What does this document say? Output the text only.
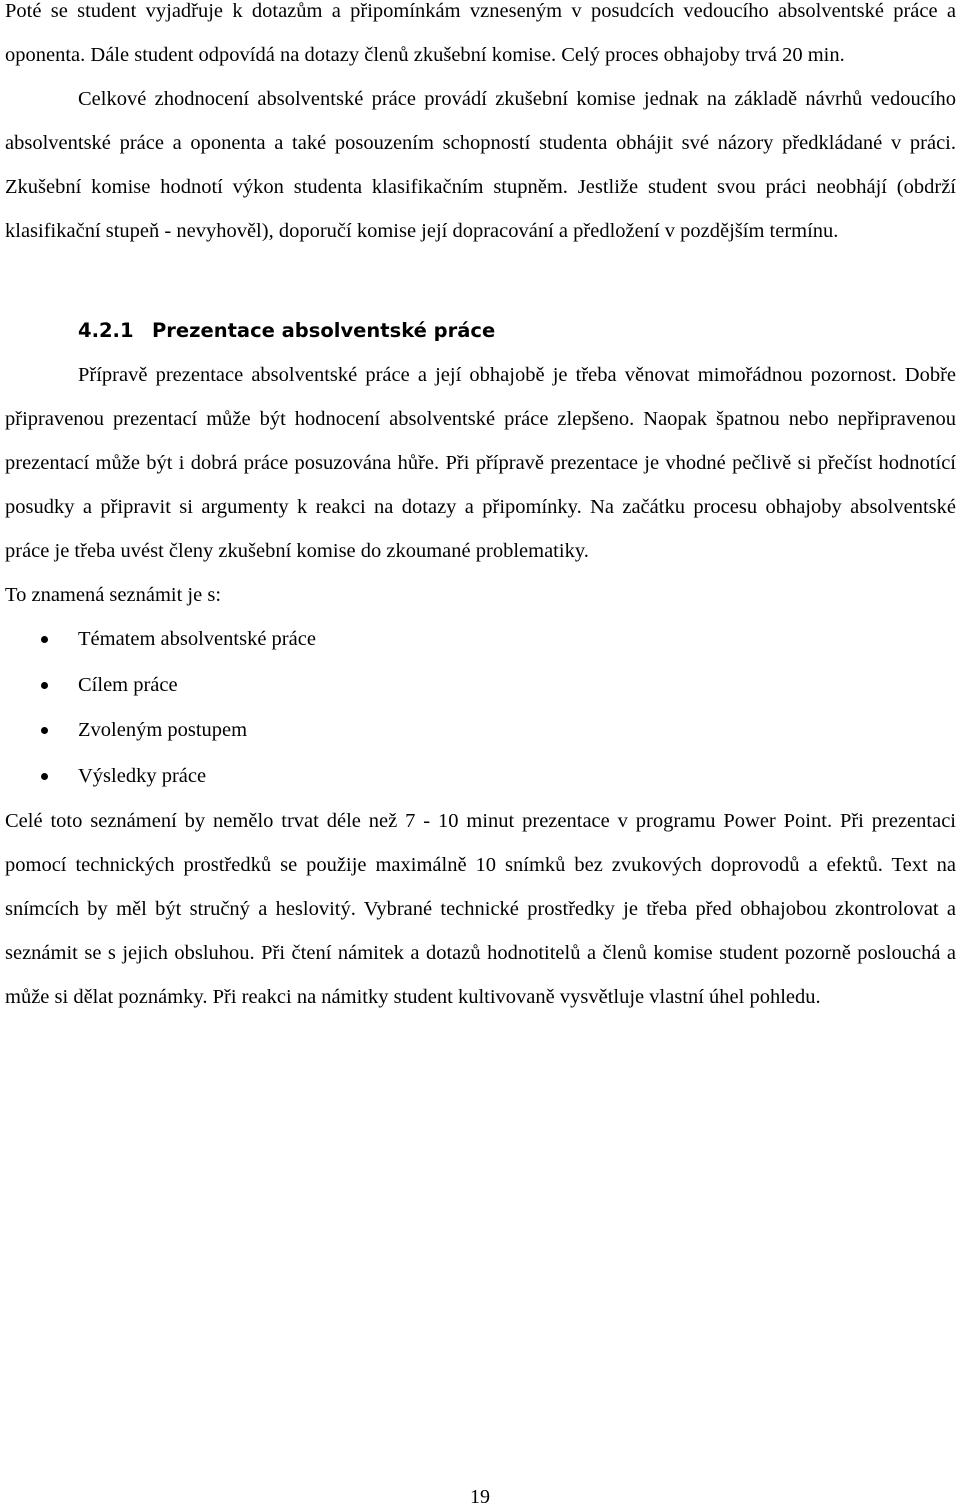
Poté se student vyjadřuje k dotazům a připomínkám vzneseným v posudcích vedoucího absolventské práce a oponenta. Dále student odpovídá na dotazy členů zkušební komise. Celý proces obhajoby trvá 20 min.

Celkové zhodnocení absolventské práce provádí zkušební komise jednak na základě návrhů vedoucího absolventské práce a oponenta a také posouzením schopností studenta obhájit své názory předkládané v práci. Zkušební komise hodnotí výkon studenta klasifikačním stupněm. Jestliže student svou práci neobhájí (obdrží klasifikační stupeň - nevyhověl), doporučí komise její dopracování a předložení v pozdějším termínu.

4.2.1 Prezentace absolventské práce

Přípravě prezentace absolventské práce a její obhajobě je třeba věnovat mimořádnou pozornost. Dobře připravenou prezentací může být hodnocení absolventské práce zlepšeno. Naopak špatnou nebo nepřipravenou prezentací může být i dobrá práce posuzována hůře. Při přípravě prezentace je vhodné pečlivě si přečíst hodnotící posudky a připravit si argumenty k reakci na dotazy a připomínky. Na začátku procesu obhajoby absolventské práce je třeba uvést členy zkušební komise do zkoumané problematiky.

To znamená seznámit je s:

Tématem absolventské práce
Cílem práce
Zvoleným postupem
Výsledky práce

Celé toto seznámení by nemělo trvat déle než 7 - 10 minut prezentace v programu Power Point. Při prezentaci pomocí technických prostředků se použije maximálně 10 snímků bez zvukových doprovodů a efektů. Text na snímcích by měl být stručný a heslovitý. Vybrané technické prostředky je třeba před obhajobou zkontrolovat a seznámit se s jejich obsluhou. Při čtení námitek a dotazů hodnotitelů a členů komise student pozorně poslouchá a může si dělat poznámky. Při reakci na námitky student kultivovaně vysvětluje vlastní úhel pohledu.

19
